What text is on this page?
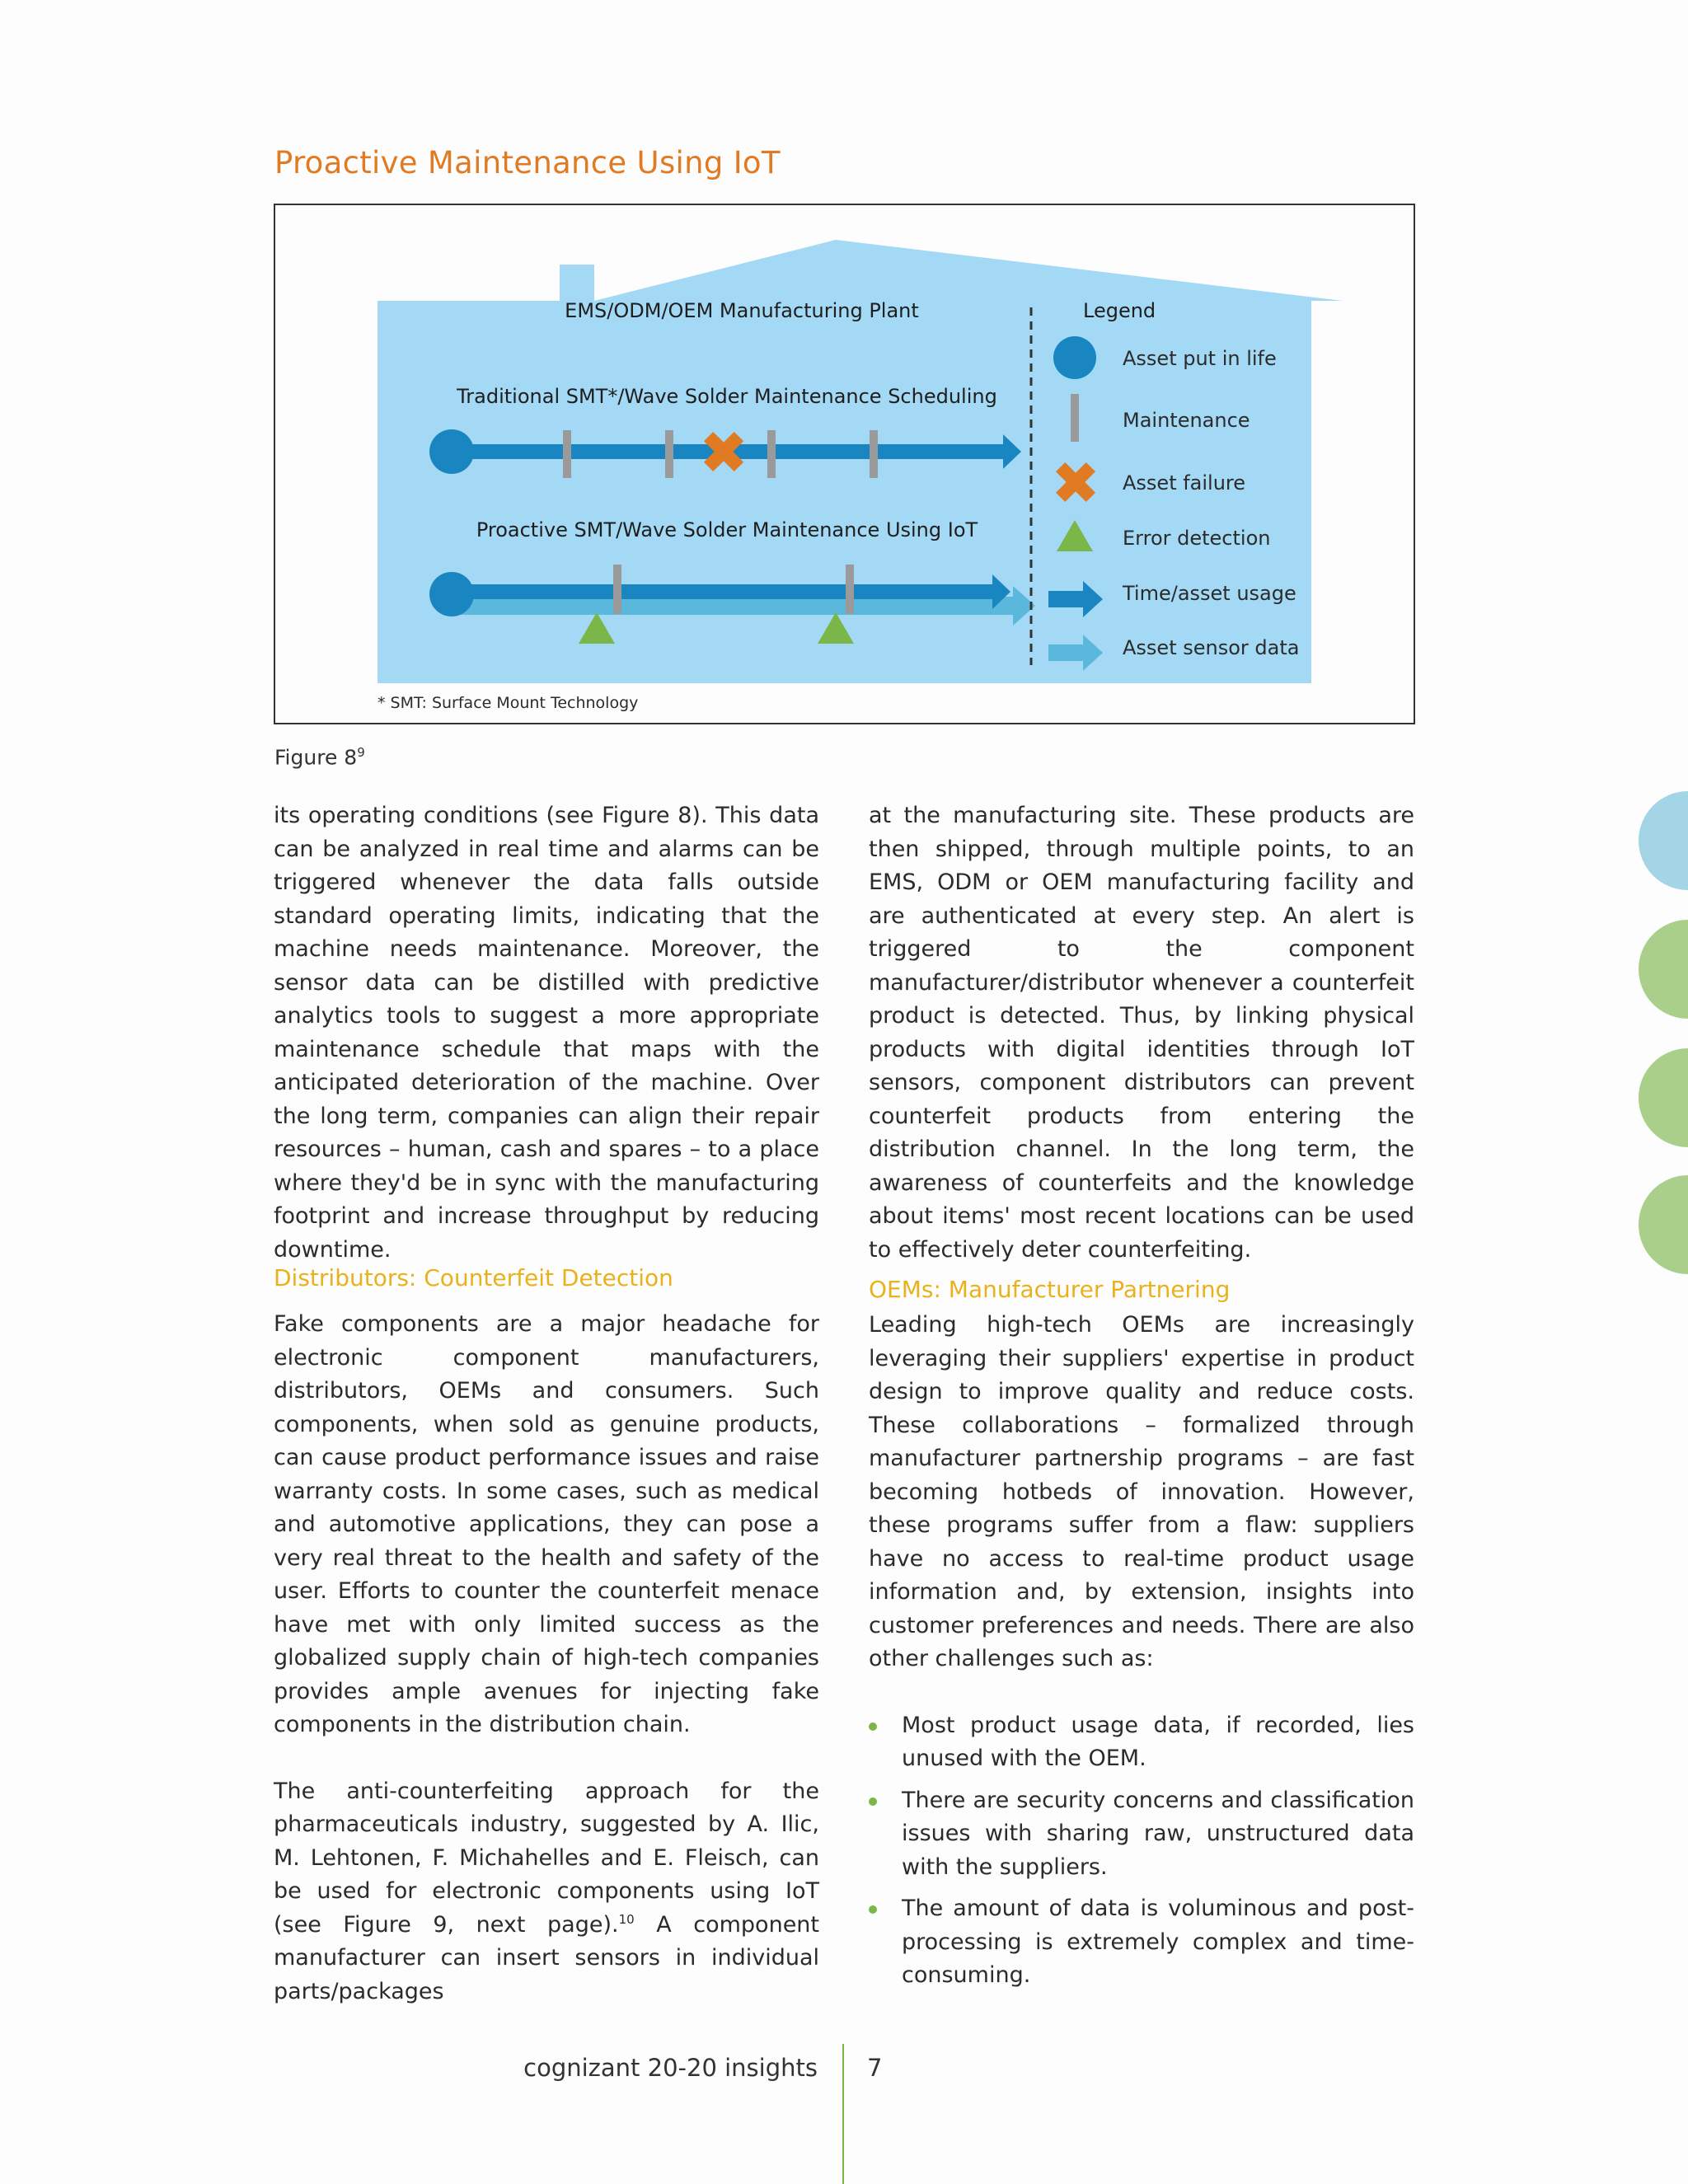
Proactive Maintenance Using IoT
EMS/ODM/OEM Manufacturing Plant
Traditional SMT*/Wave Solder Maintenance Scheduling
Proactive SMT/Wave Solder Maintenance Using IoT
Legend
Asset put in life
Maintenance
Asset failure
Error detection
Time/asset usage
Asset sensor data
* SMT: Surface Mount Technology
Figure $8^9$

its operating conditions (see Figure 8). This data can be analyzed in real time and alarms can be triggered whenever the data falls outside standard operating limits, indicating that the machine needs maintenance. Moreover, the sensor data can be distilled with predictive analytics tools to suggest a more appropriate maintenance schedule that maps with the anticipated deterioration of the machine. Over the long term, companies can align their repair resources – human, cash and spares – to a place where they'd be in sync with the manufacturing footprint and increase throughput by reducing downtime.

Distributors: Counterfeit Detection

Fake components are a major headache for electronic component manufacturers, distributors, OEMs and consumers. Such components, when sold as genuine products, can cause product performance issues and raise warranty costs. In some cases, such as medical and automotive applications, they can pose a very real threat to the health and safety of the user. Efforts to counter the counterfeit menace have met with only limited success as the globalized supply chain of high-tech companies provides ample avenues for injecting fake components in the distribution chain.

The anti-counterfeiting approach for the pharmaceuticals industry, suggested by A. Ilic, M. Lehtonen, F. Michahelles and E. Fleisch, can be used for electronic components using IoT (see Figure 9, next page).$^{10}$ A component manufacturer can insert sensors in individual parts/packages

at the manufacturing site. These products are then shipped, through multiple points, to an EMS, ODM or OEM manufacturing facility and are authenticated at every step. An alert is triggered to the component manufacturer/distributor whenever a counterfeit product is detected. Thus, by linking physical products with digital identities through IoT sensors, component distributors can prevent counterfeit products from entering the distribution channel. In the long term, the awareness of counterfeits and the knowledge about items' most recent locations can be used to effectively deter counterfeiting.

OEMs: Manufacturer Partnering

Leading high-tech OEMs are increasingly leveraging their suppliers' expertise in product design to improve quality and reduce costs. These collaborations – formalized through manufacturer partnership programs – are fast becoming hotbeds of innovation. However, these programs suffer from a flaw: suppliers have no access to real-time product usage information and, by extension, insights into customer preferences and needs. There are also other challenges such as:

Most product usage data, if recorded, lies unused with the OEM.
There are security concerns and classification issues with sharing raw, unstructured data with the suppliers.
The amount of data is voluminous and post-processing is extremely complex and time-consuming.
cognizant 20-20 insights 7
